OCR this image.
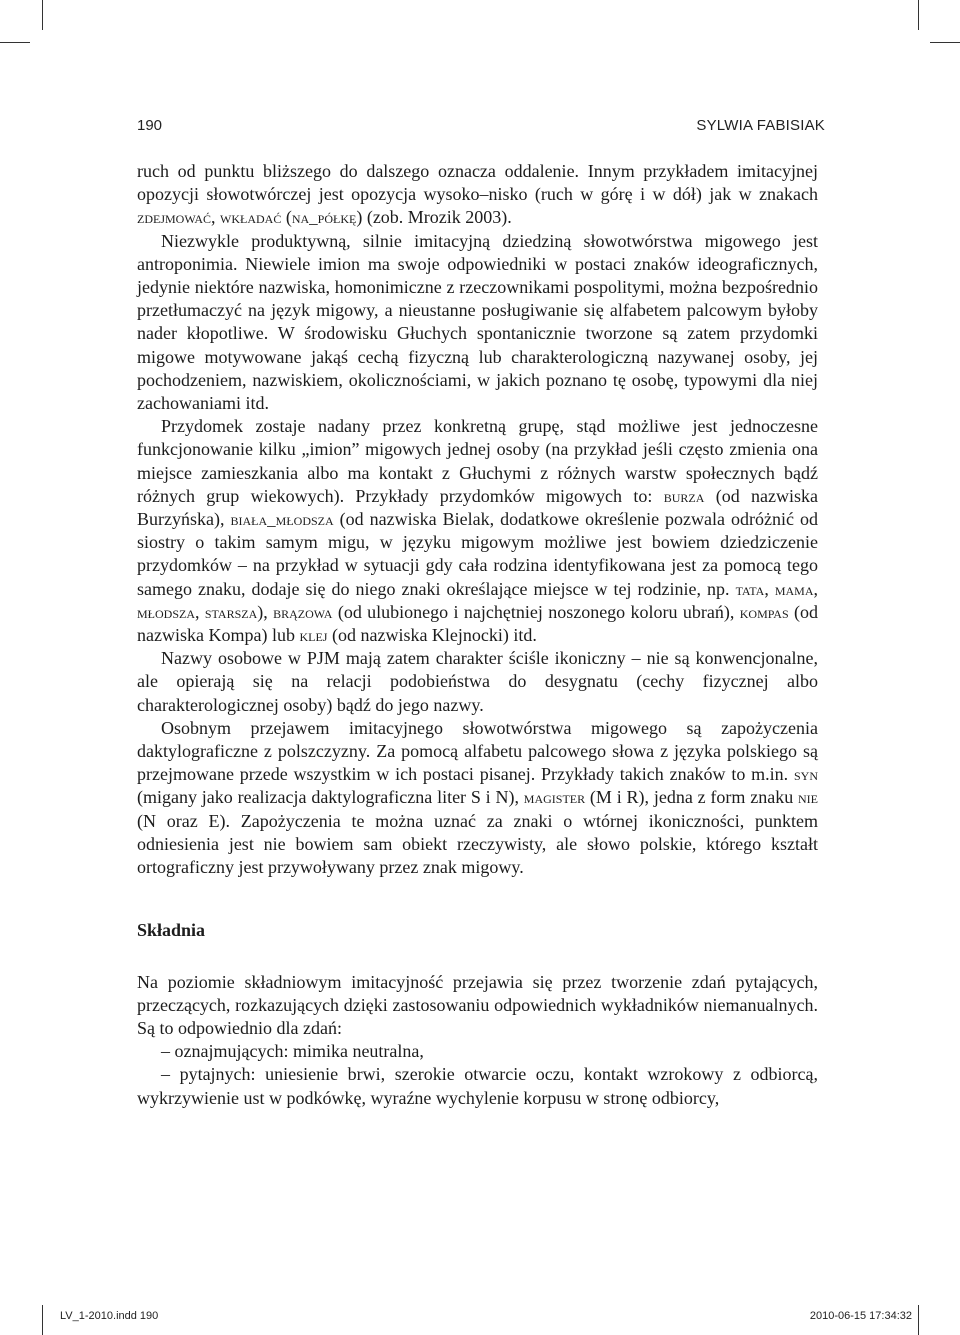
190	SYLWIA FABISIAK

ruch od punktu bliższego do dalszego oznacza oddalenie. Innym przykładem imitacyjnej opozycji słowotwórczej jest opozycja wysoko–nisko (ruch w górę i w dół) jak w znakach zdejmować, wkładać (na_półkę) (zob. Mrozik 2003).

Niezwykle produktywną, silnie imitacyjną dziedziną słowotwórstwa migowego jest antroponimia. Niewiele imion ma swoje odpowiedniki w postaci znaków ideograficznych, jedynie niektóre nazwiska, homonimiczne z rzeczownikami pospolitymi, można bezpośrednio przetłumaczyć na język migowy, a nieustanne posługiwanie się alfabetem palcowym byłoby nader kłopotliwe. W środowisku Głuchych spontanicznie tworzone są zatem przydomki migowe motywowane jakąś cechą fizyczną lub charakterologiczną nazywanej osoby, jej pochodzeniem, nazwiskiem, okolicznościami, w jakich poznano tę osobę, typowymi dla niej zachowaniami itd.

Przydomek zostaje nadany przez konkretną grupę, stąd możliwe jest jednoczesne funkcjonowanie kilku „imion” migowych jednej osoby (na przykład jeśli często zmienia ona miejsce zamieszkania albo ma kontakt z Głuchymi z różnych warstw społecznych bądź różnych grup wiekowych). Przykłady przydomków migowych to: burza (od nazwiska Burzyńska), biała_młodsza (od nazwiska Bielak, dodatkowe określenie pozwala odróżnić od siostry o takim samym migu, w języku migowym możliwe jest bowiem dziedziczenie przydomków – na przykład w sytuacji gdy cała rodzina identyfikowana jest za pomocą tego samego znaku, dodaje się do niego znaki określające miejsce w tej rodzinie, np. tata, mama, młodsza, starsza), brązowa (od ulubionego i najchętniej noszonego koloru ubrań), kompas (od nazwiska Kompa) lub klej (od nazwiska Klejnocki) itd.

Nazwy osobowe w PJM mają zatem charakter ściśle ikoniczny – nie są konwencjonalne, ale opierają się na relacji podobieństwa do desygnatu (cechy fizycznej albo charakterologicznej osoby) bądź do jego nazwy.

Osobnym przejawem imitacyjnego słowotwórstwa migowego są zapożyczenia daktylograficzne z polszczyzny. Za pomocą alfabetu palcowego słowa z języka polskiego są przejmowane przede wszystkim w ich postaci pisanej. Przykłady takich znaków to m.in. syn (migany jako realizacja daktylograficzna liter S i N), magister (M i R), jedna z form znaku nie (N oraz E). Zapożyczenia te można uznać za znaki o wtórnej ikoniczności, punktem odniesienia jest nie bowiem sam obiekt rzeczywisty, ale słowo polskie, którego kształt ortograficzny jest przywoływany przez znak migowy.

Składnia

Na poziomie składniowym imitacyjność przejawia się przez tworzenie zdań pytających, przeczących, rozkazujących dzięki zastosowaniu odpowiednich wykładników niemanualnych. Są to odpowiednio dla zdań:

– oznajmujących: mimika neutralna,

– pytajnych: uniesienie brwi, szerokie otwarcie oczu, kontakt wzrokowy z odbiorcą, wykrzywienie ust w podkówkę, wyraźne wychylenie korpusu w stronę odbiorcy,

LV_1-2010.indd 190	2010-06-15 17:34:32
